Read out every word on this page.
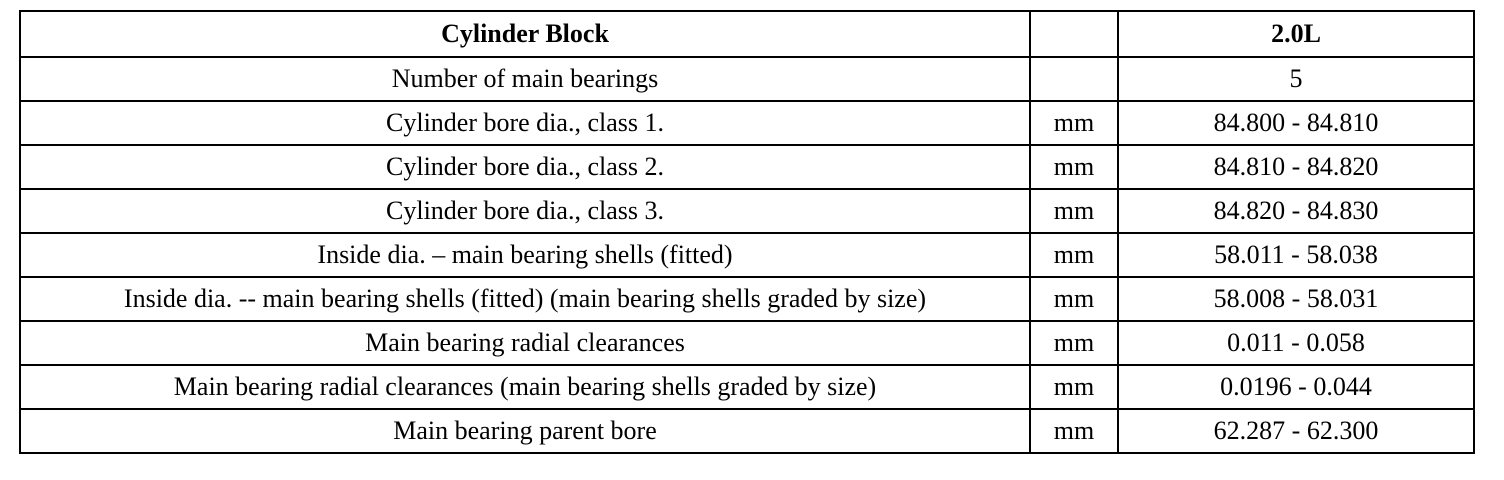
Cylinder Block		2.0L
Number of main bearings		5
Cylinder bore dia., class 1.	mm	84.800 - 84.810
Cylinder bore dia., class 2.	mm	84.810 - 84.820
Cylinder bore dia., class 3.	mm	84.820 - 84.830
Inside dia. – main bearing shells (fitted)	mm	58.011 - 58.038
Inside dia. -- main bearing shells (fitted) (main bearing shells graded by size)	mm	58.008 - 58.031
Main bearing radial clearances	mm	0.011 - 0.058
Main bearing radial clearances (main bearing shells graded by size)	mm	0.0196 - 0.044
Main bearing parent bore	mm	62.287 - 62.300
